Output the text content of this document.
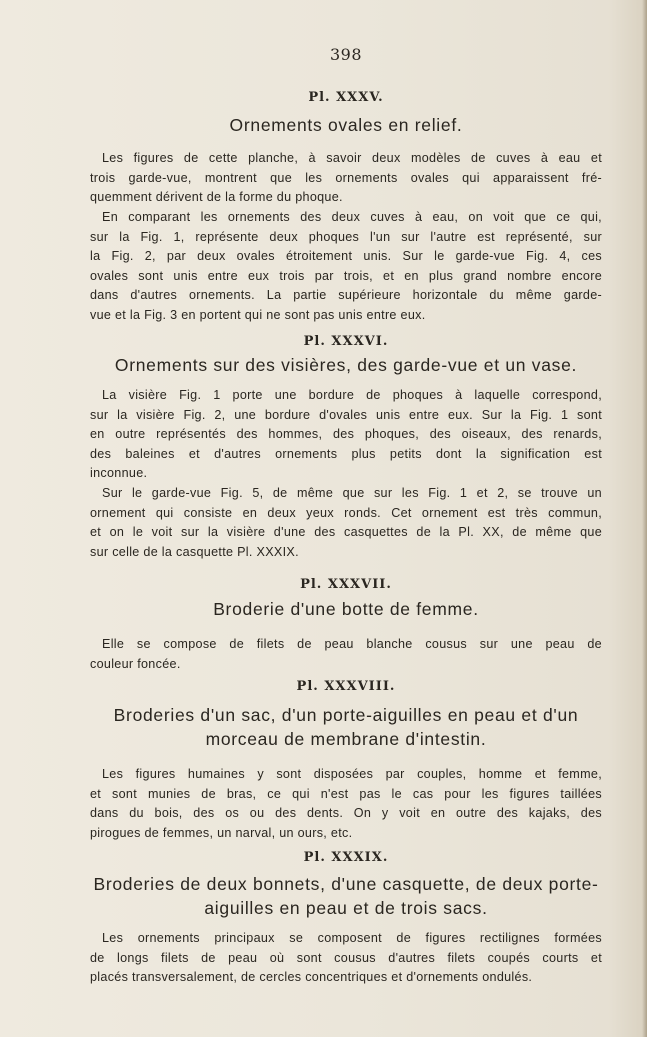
398
Pl. XXXV.
Ornements ovales en relief.
Les figures de cette planche, à savoir deux modèles de cuves à eau et
trois garde-vue, montrent que les ornements ovales qui apparaissent fré-
quemment dérivent de la forme du phoque.
En comparant les ornements des deux cuves à eau, on voit que ce qui,
sur la Fig. 1, représente deux phoques l'un sur l'autre est représenté, sur
la Fig. 2, par deux ovales étroitement unis. Sur le garde-vue Fig. 4, ces
ovales sont unis entre eux trois par trois, et en plus grand nombre encore
dans d'autres ornements. La partie supérieure horizontale du même garde-
vue et la Fig. 3 en portent qui ne sont pas unis entre eux.
Pl. XXXVI.
Ornements sur des visières, des garde-vue et un vase.
La visière Fig. 1 porte une bordure de phoques à laquelle correspond,
sur la visière Fig. 2, une bordure d'ovales unis entre eux. Sur la Fig. 1 sont
en outre représentés des hommes, des phoques, des oiseaux, des renards,
des baleines et d'autres ornements plus petits dont la signification est
inconnue.
Sur le garde-vue Fig. 5, de même que sur les Fig. 1 et 2, se trouve un
ornement qui consiste en deux yeux ronds. Cet ornement est très commun,
et on le voit sur la visière d'une des casquettes de la Pl. XX, de même que
sur celle de la casquette Pl. XXXIX.
Pl. XXXVII.
Broderie d'une botte de femme.
Elle se compose de filets de peau blanche cousus sur une peau de
couleur foncée.
Pl. XXXVIII.
Broderies d'un sac, d'un porte-aiguilles en peau et d'un
morceau de membrane d'intestin.
Les figures humaines y sont disposées par couples, homme et femme,
et sont munies de bras, ce qui n'est pas le cas pour les figures taillées
dans du bois, des os ou des dents. On y voit en outre des kajaks, des
pirogues de femmes, un narval, un ours, etc.
Pl. XXXIX.
Broderies de deux bonnets, d'une casquette, de deux porte-
aiguilles en peau et de trois sacs.
Les ornements principaux se composent de figures rectilignes formées
de longs filets de peau où sont cousus d'autres filets coupés courts et
placés transversalement, de cercles concentriques et d'ornements ondulés.
